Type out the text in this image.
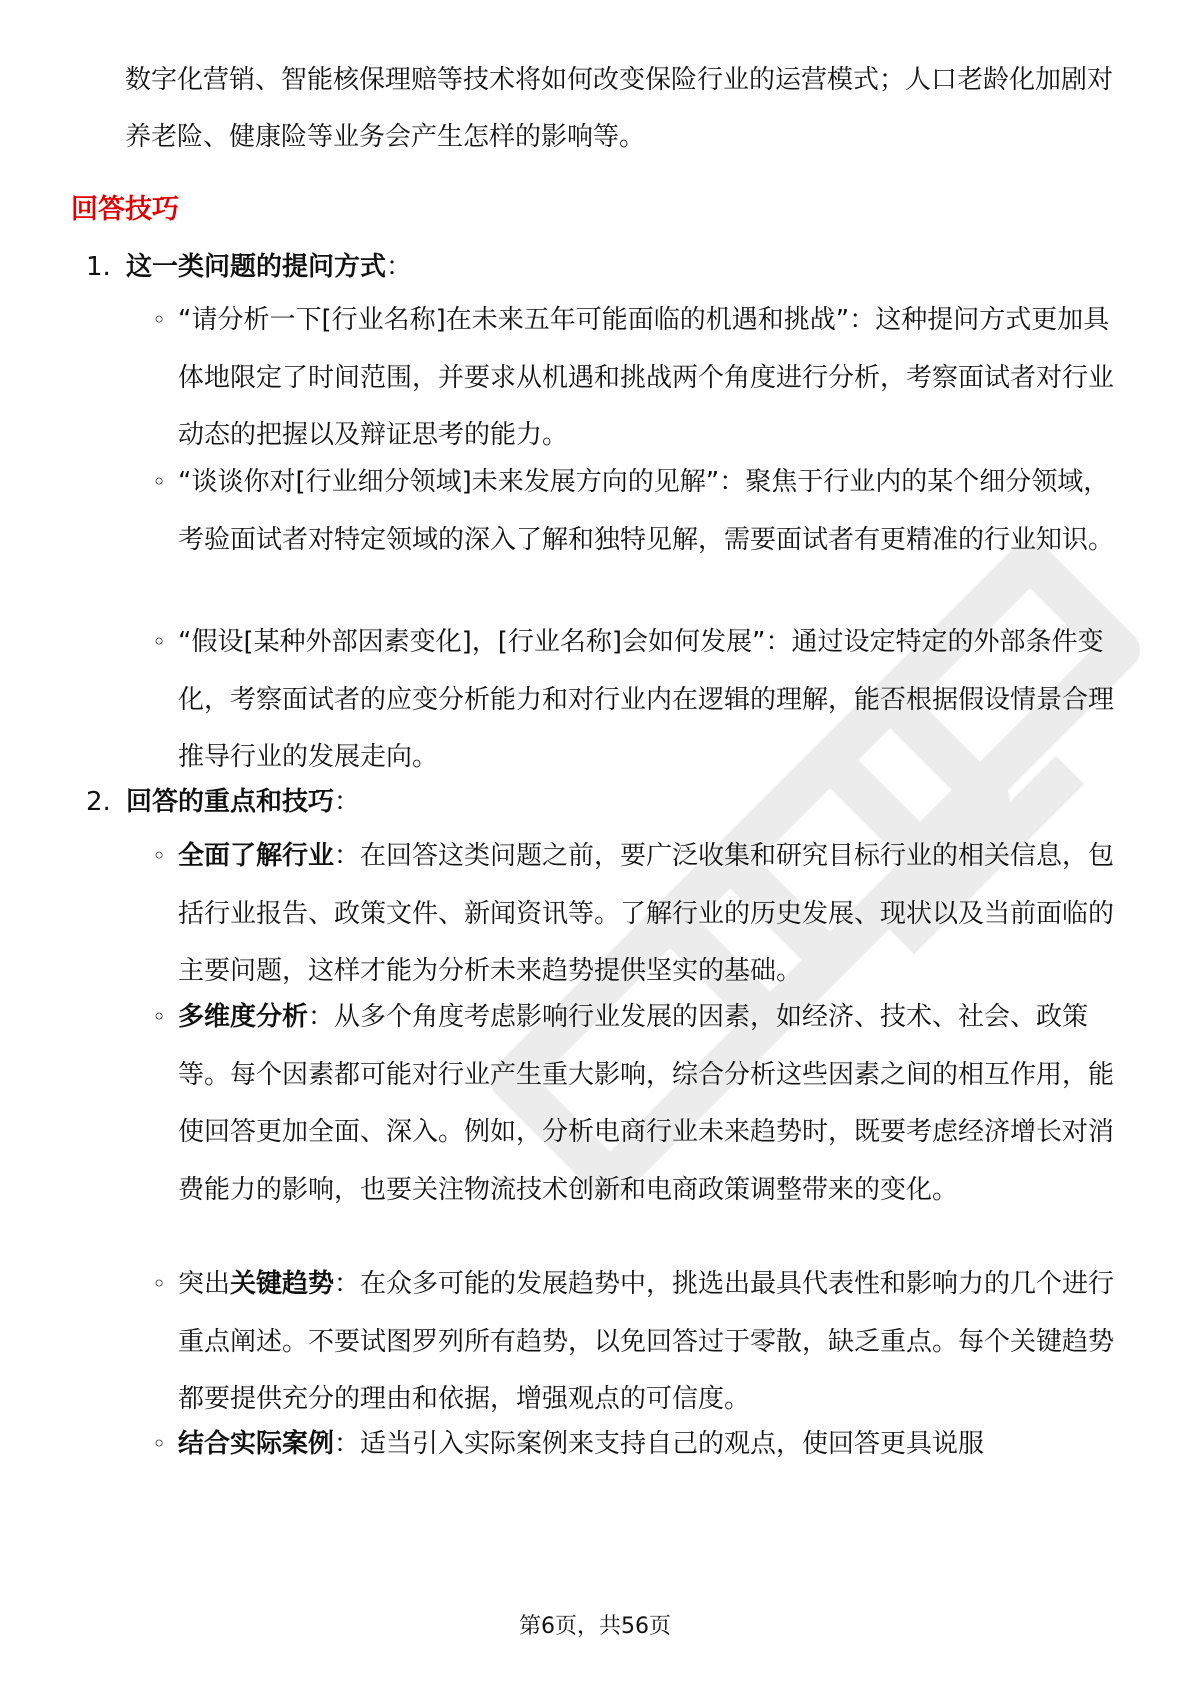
数字化营销、智能核保理赔等技术将如何改变保险行业的运营模式；人口老龄化加剧对养老险、健康险等业务会产生怎样的影响等。

回答技巧
1. 这一类问题的提问方式：
◦ “请分析一下[行业名称]在未来五年可能面临的机遇和挑战”：这种提问方式更加具体地限定了时间范围，并要求从机遇和挑战两个角度进行分析，考察面试者对行业动态的把握以及辩证思考的能力。
◦ “谈谈你对[行业细分领域]未来发展方向的见解”：聚焦于行业内的某个细分领域，考验面试者对特定领域的深入了解和独特见解，需要面试者有更精准的行业知识。
◦ “假设[某种外部因素变化]，[行业名称]会如何发展”：通过设定特定的外部条件变化，考察面试者的应变分析能力和对行业内在逻辑的理解，能否根据假设情景合理推导行业的发展走向。
2. 回答的重点和技巧：
◦ 全面了解行业：在回答这类问题之前，要广泛收集和研究目标行业的相关信息，包括行业报告、政策文件、新闻资讯等。了解行业的历史发展、现状以及当前面临的主要问题，这样才能为分析未来趋势提供坚实的基础。
◦ 多维度分析：从多个角度考虑影响行业发展的因素，如经济、技术、社会、政策等。每个因素都可能对行业产生重大影响，综合分析这些因素之间的相互作用，能使回答更加全面、深入。例如，分析电商行业未来趋势时，既要考虑经济增长对消费能力的影响，也要关注物流技术创新和电商政策调整带来的变化。
◦ 突出关键趋势：在众多可能的发展趋势中，挑选出最具代表性和影响力的几个进行重点阐述。不要试图罗列所有趋势，以免回答过于零散，缺乏重点。每个关键趋势都要提供充分的理由和依据，增强观点的可信度。
◦ 结合实际案例：适当引入实际案例来支持自己的观点，使回答更具说服
第6页，共56页
